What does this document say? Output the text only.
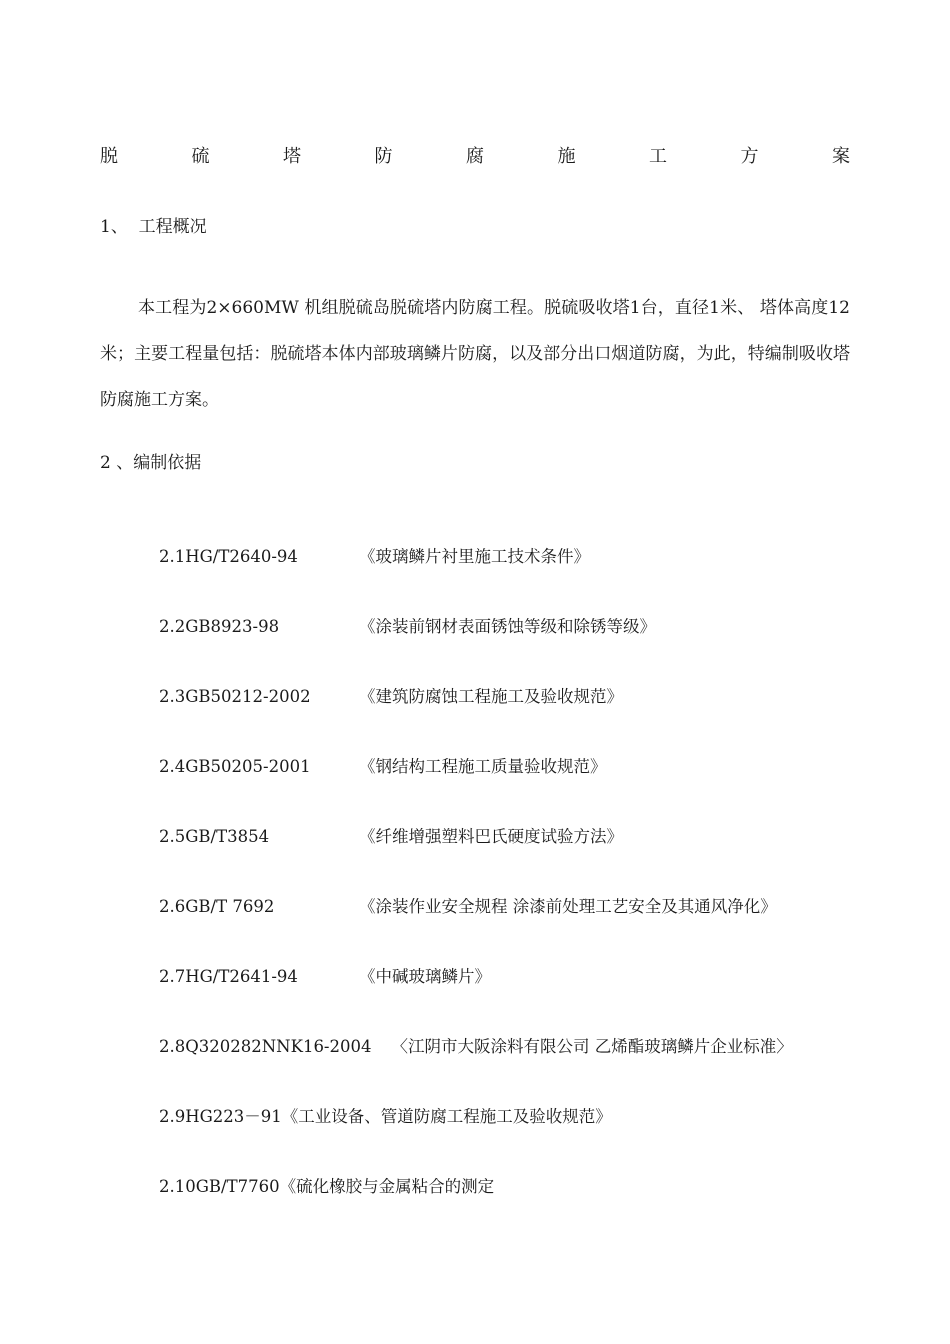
脱	硫	塔	防	腐	施	工	方	案
1、  工程概况
本工程为2×660MW 机组脱硫岛脱硫塔内防腐工程。脱硫吸收塔1台，直径1米、 塔体高度12米；主要工程量包括：脱硫塔本体内部玻璃鳞片防腐，以及部分出口烟道防腐，为此，特编制吸收塔防腐施工方案。
2 、编制依据

2.1HG/T2640-94	《玻璃鳞片衬里施工技术条件》

2.2GB8923-98	《涂装前钢材表面锈蚀等级和除锈等级》

2.3GB50212-2002	《建筑防腐蚀工程施工及验收规范》

2.4GB50205-2001	《钢结构工程施工质量验收规范》

2.5GB/T3854	《纤维增强塑料巴氏硬度试验方法》

2.6GB/T 7692	《涂装作业安全规程 涂漆前处理工艺安全及其通风净化》

2.7HG/T2641-94	《中碱玻璃鳞片》

2.8Q320282NNK16-2004 〈江阴市大阪涂料有限公司 乙烯酯玻璃鳞片企业标准〉

2.9HG223－91《工业设备、管道防腐工程施工及验收规范》

2.10GB/T7760《硫化橡胶与金属粘合的测定
